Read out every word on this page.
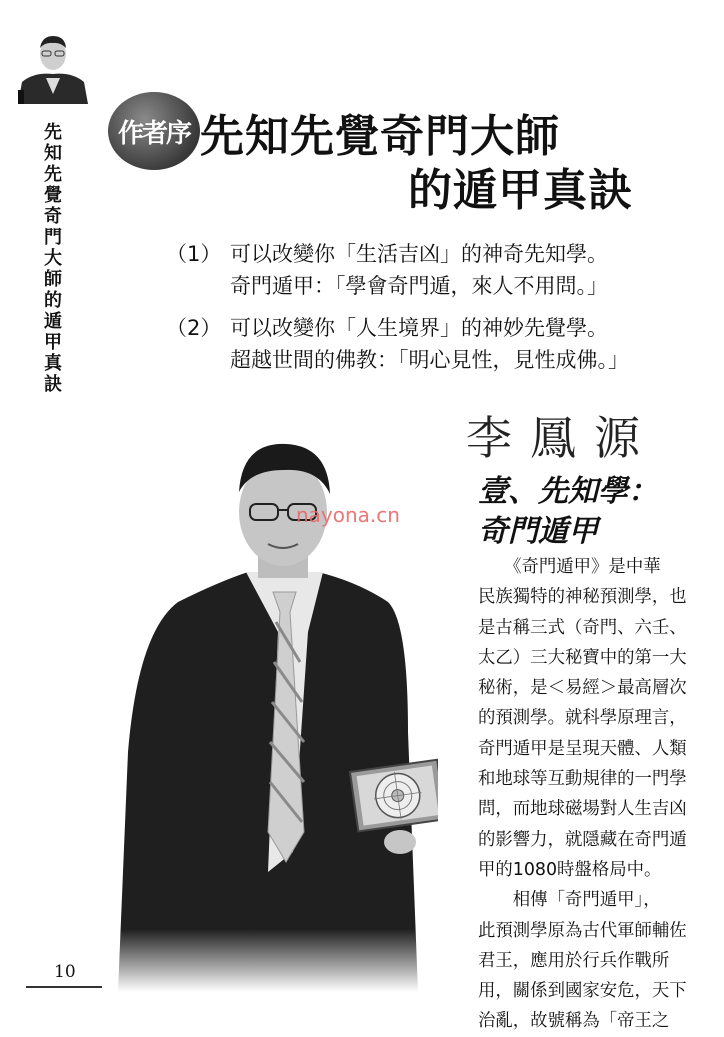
先知先覺奇門大師的遁甲真訣
作者序 先知先覺奇門大師
的遁甲真訣
（1） 可以改變你「生活吉凶」的神奇先知學。
奇門遁甲：「學會奇門遁，來人不用問。」
（2） 可以改變你「人生境界」的神妙先覺學。
超越世間的佛教：「明心見性，見性成佛。」
李鳳源
壹、先知學：
奇門遁甲
nayona.cn
　　《奇門遁甲》是中華
民族獨特的神秘預測學，也
是古稱三式（奇門、六壬、
太乙）三大秘寶中的第一大
秘術，是＜易經＞最高層次
的預測學。就科學原理言，
奇門遁甲是呈現天體、人類
和地球等互動規律的一門學
問，而地球磁場對人生吉凶
的影響力，就隱藏在奇門遁
甲的1080時盤格局中。
　　相傳「奇門遁甲」，
此預測學原為古代軍師輔佐
君王，應用於行兵作戰所
用，關係到國家安危，天下
治亂，故號稱為「帝王之
10
